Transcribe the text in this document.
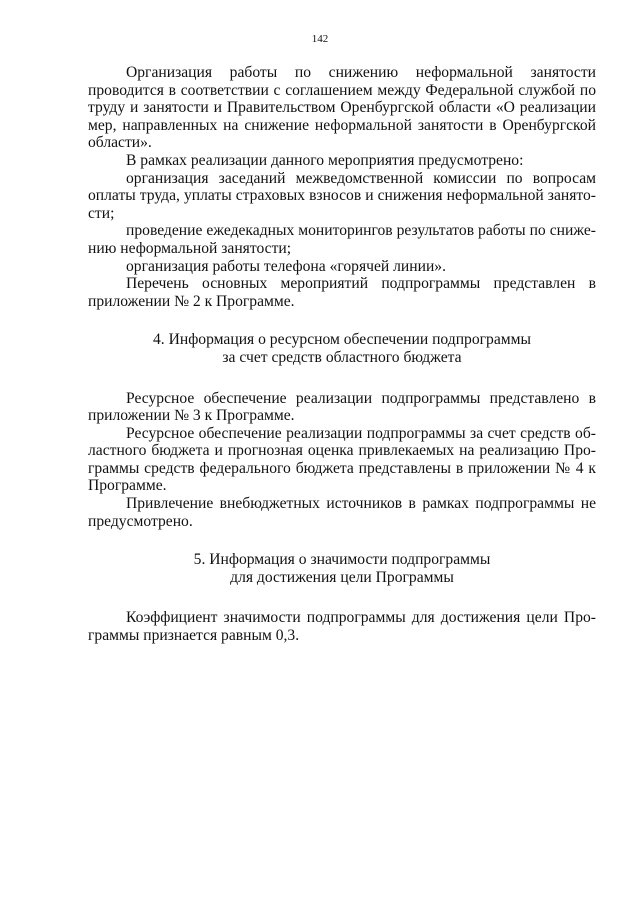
142

Организация работы по снижению неформальной занятости проводится в соответствии с соглашением между Федеральной службой по труду и занятости и Правительством Оренбургской области «О реализации мер, направленных на снижение неформальной занятости в Оренбургской области».

В рамках реализации данного мероприятия предусмотрено:

организация заседаний межведомственной комиссии по вопросам оплаты труда, уплаты страховых взносов и снижения неформальной занятости;

проведение ежедекадных мониторингов результатов работы по снижению неформальной занятости;

организация работы телефона «горячей линии».

Перечень основных мероприятий подпрограммы представлен в приложении № 2 к Программе.

4. Информация о ресурсном обеспечении подпрограммы
за счет средств областного бюджета

Ресурсное обеспечение реализации подпрограммы представлено в приложении № 3 к Программе.

Ресурсное обеспечение реализации подпрограммы за счет средств областного бюджета и прогнозная оценка привлекаемых на реализацию Программы средств федерального бюджета представлены в приложении № 4 к Программе.

Привлечение внебюджетных источников в рамках подпрограммы не предусмотрено.

5. Информация о значимости подпрограммы
для достижения цели Программы

Коэффициент значимости подпрограммы для достижения цели Программы признается равным 0,3.
